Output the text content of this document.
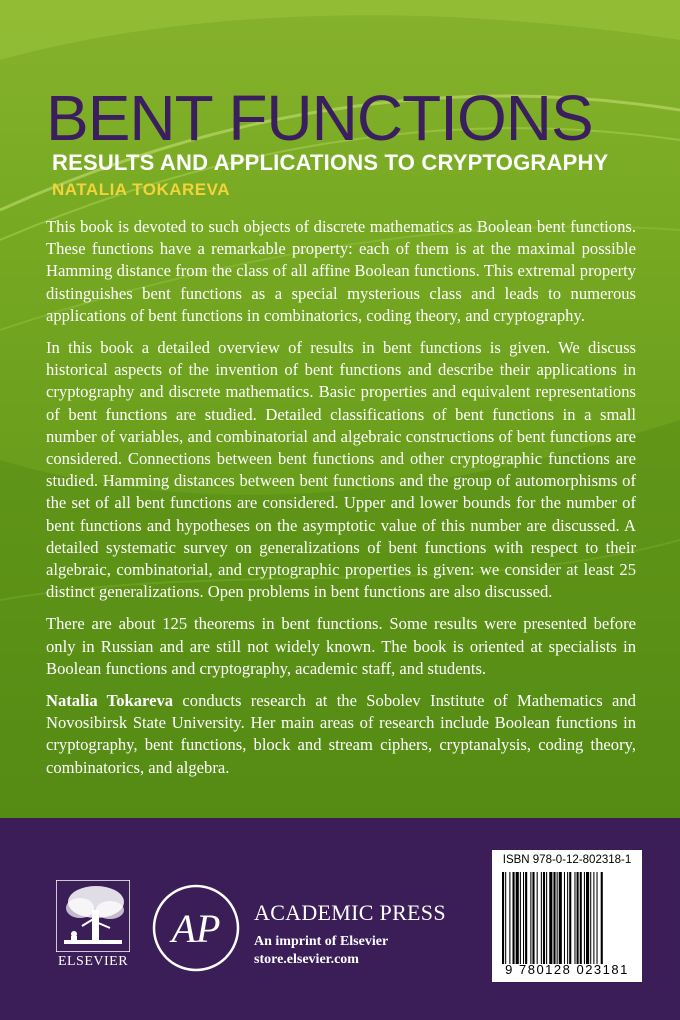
BENT FUNCTIONS
RESULTS AND APPLICATIONS TO CRYPTOGRAPHY
NATALIA TOKAREVA

This book is devoted to such objects of discrete mathematics as Boolean bent functions. These functions have a remarkable property: each of them is at the maximal possible Hamming distance from the class of all affine Boolean functions. This extremal property distinguishes bent functions as a special mysterious class and leads to numerous applications of bent functions in combinatorics, coding theory, and cryptography.

In this book a detailed overview of results in bent functions is given. We discuss historical aspects of the invention of bent functions and describe their applications in cryptography and discrete mathematics. Basic properties and equivalent representations of bent functions are studied. Detailed classifications of bent functions in a small number of variables, and combinatorial and algebraic constructions of bent functions are considered. Connections between bent functions and other cryptographic functions are studied. Hamming distances between bent functions and the group of automorphisms of the set of all bent functions are considered. Upper and lower bounds for the number of bent functions and hypotheses on the asymptotic value of this number are discussed. A detailed systematic survey on generalizations of bent functions with respect to their algebraic, combinatorial, and cryptographic properties is given: we consider at least 25 distinct generalizations. Open problems in bent functions are also discussed.

There are about 125 theorems in bent functions. Some results were presented before only in Russian and are still not widely known. The book is oriented at specialists in Boolean functions and cryptography, academic staff, and students.

Natalia Tokareva conducts research at the Sobolev Institute of Mathematics and Novosibirsk State University. Her main areas of research include Boolean functions in cryptography, bent functions, block and stream ciphers, cryptanalysis, coding theory, combinatorics, and algebra.

ELSEVIER
AP ACADEMIC PRESS
An imprint of Elsevier
store.elsevier.com
ISBN 978-0-12-802318-1
9 780128 023181
